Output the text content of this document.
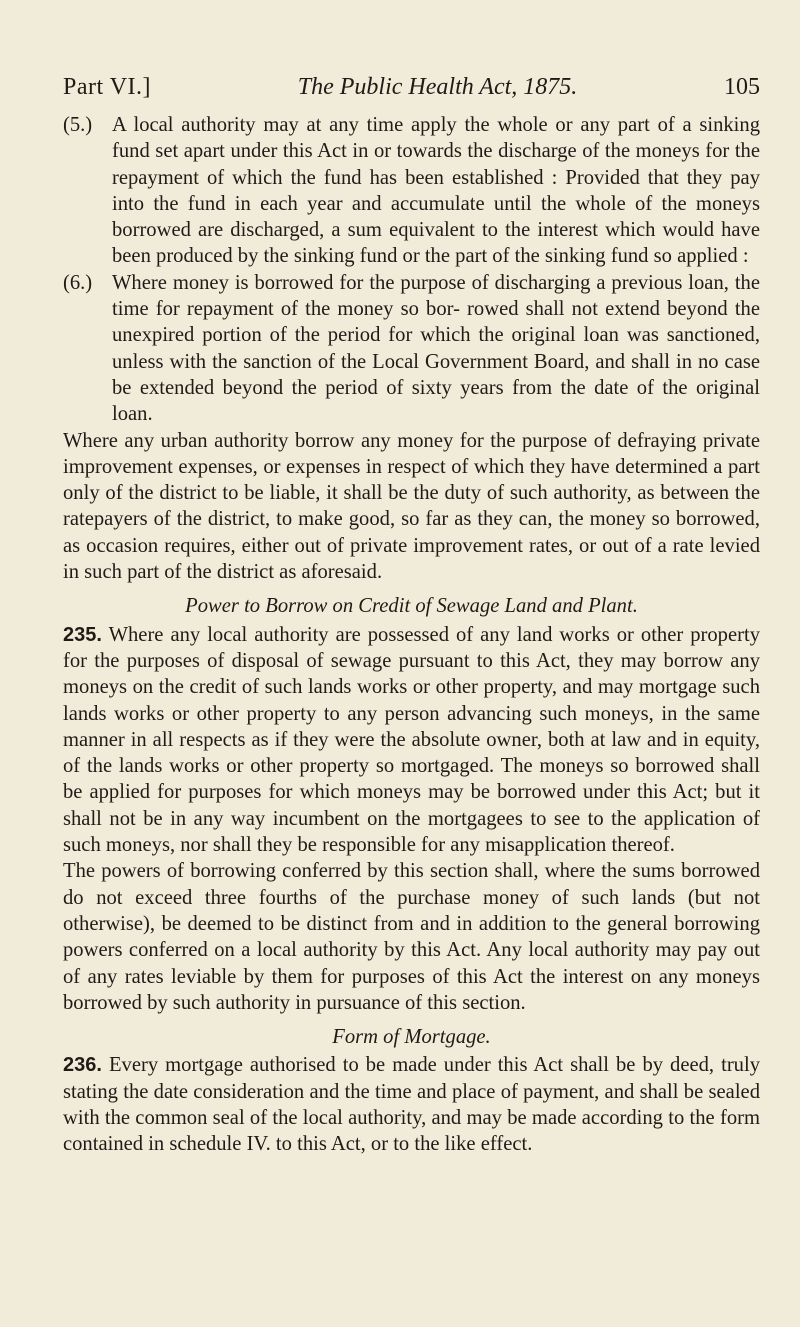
Part VI.]	The Public Health Act, 1875.	105

(5.) A local authority may at any time apply the whole or any part of a sinking fund set apart under this Act in or towards the discharge of the moneys for the repayment of which the fund has been established : Provided that they pay into the fund in each year and accumulate until the whole of the moneys borrowed are discharged, a sum equivalent to the interest which would have been produced by the sinking fund or the part of the sinking fund so applied :

(6.) Where money is borrowed for the purpose of discharging a previous loan, the time for repayment of the money so bor- rowed shall not extend beyond the unexpired portion of the period for which the original loan was sanctioned, unless with the sanction of the Local Government Board, and shall in no case be extended beyond the period of sixty years from the date of the original loan.

Where any urban authority borrow any money for the purpose of defraying private improvement expenses, or expenses in respect of which they have determined a part only of the district to be liable, it shall be the duty of such authority, as between the ratepayers of the district, to make good, so far as they can, the money so borrowed, as occasion requires, either out of private improvement rates, or out of a rate levied in such part of the district as aforesaid.

Power to Borrow on Credit of Sewage Land and Plant.

235. Where any local authority are possessed of any land works or other property for the purposes of disposal of sewage pursuant to this Act, they may borrow any moneys on the credit of such lands works or other property, and may mortgage such lands works or other property to any person advancing such moneys, in the same manner in all respects as if they were the absolute owner, both at law and in equity, of the lands works or other property so mortgaged. The moneys so borrowed shall be applied for purposes for which moneys may be borrowed under this Act; but it shall not be in any way incumbent on the mortgagees to see to the application of such moneys, nor shall they be responsible for any misapplication thereof.

The powers of borrowing conferred by this section shall, where the sums borrowed do not exceed three fourths of the purchase money of such lands (but not otherwise), be deemed to be distinct from and in addition to the general borrowing powers conferred on a local authority by this Act. Any local authority may pay out of any rates leviable by them for purposes of this Act the interest on any moneys borrowed by such authority in pursuance of this section.

Form of Mortgage.

236. Every mortgage authorised to be made under this Act shall be by deed, truly stating the date consideration and the time and place of payment, and shall be sealed with the common seal of the local authority, and may be made according to the form contained in schedule IV. to this Act, or to the like effect.
